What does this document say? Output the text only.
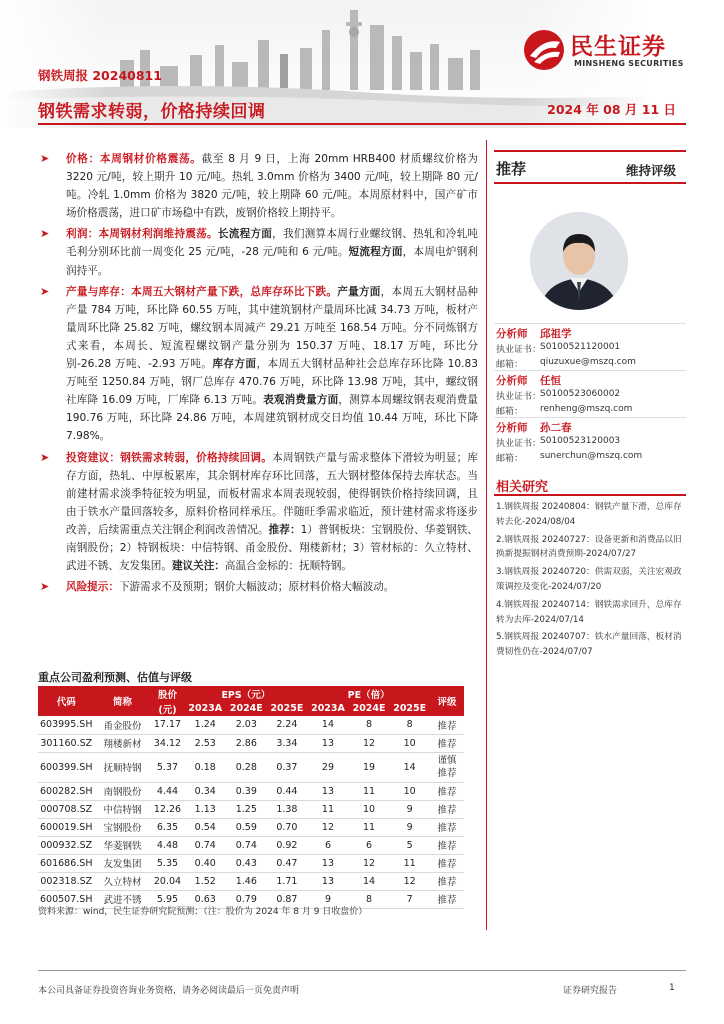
民生证券
MINSHENG SECURITIES
钢铁周报 20240811
钢铁需求转弱，价格持续回调	2024 年 08 月 11 日
➤ 价格：本周钢材价格震荡。截至 8 月 9 日，上海 20mm HRB400 材质螺纹价格为 3220 元/吨，较上期升 10 元/吨。热轧 3.0mm 价格为 3400 元/吨，较上期降 80 元/吨。冷轧 1.0mm 价格为 3820 元/吨，较上期降 60 元/吨。本周原材料中，国产矿市场价格震荡，进口矿市场稳中有跌，废钢价格较上期持平。
➤ 利润：本周钢材利润维持震荡。长流程方面，我们测算本周行业螺纹钢、热轧和冷轧吨毛利分别环比前一周变化 25 元/吨，-28 元/吨和 6 元/吨。短流程方面，本周电炉钢利润持平。
➤ 产量与库存：本周五大钢材产量下跌，总库存环比下跌。产量方面，本周五大钢材品种产量 784 万吨，环比降 60.55 万吨，其中建筑钢材产量周环比减 34.73 万吨，板材产量周环比降 25.82 万吨，螺纹钢本周减产 29.21 万吨至 168.54 万吨。分不同炼钢方式来看，本周长、短流程螺纹钢产量分别为 150.37 万吨、18.17 万吨，环比分别-26.28 万吨、-2.93 万吨。库存方面，本周五大钢材品种社会总库存环比降 10.83 万吨至 1250.84 万吨，钢厂总库存 470.76 万吨，环比降 13.98 万吨，其中，螺纹钢社库降 16.09 万吨，厂库降 6.13 万吨。表观消费量方面，测算本周螺纹钢表观消费量 190.76 万吨，环比降 24.86 万吨，本周建筑钢材成交日均值 10.44 万吨，环比下降 7.98%。
➤ 投资建议：钢铁需求转弱，价格持续回调。本周钢铁产量与需求整体下滑较为明显；库存方面，热轧、中厚板累库，其余钢材库存环比回落，五大钢材整体保持去库状态。当前建材需求淡季特征较为明显，而板材需求本周表现较弱，使得钢铁价格持续回调，且由于铁水产量回落较多，原料价格同样承压。伴随旺季需求临近，预计建材需求将逐步改善，后续需重点关注钢企利润改善情况。推荐：1）普钢板块：宝钢股份、华菱钢铁、南钢股份；2）特钢板块：中信特钢、甬金股份、翔楼新材；3）管材标的：久立特材、武进不锈、友发集团。建议关注：高温合金标的：抚顺特钢。
➤ 风险提示：下游需求不及预期；钢价大幅波动；原材料价格大幅波动。
重点公司盈利预测、估值与评级
代码	简称	股价	EPS（元）			PE（倍）			评级
		(元)	2023A	2024E	2025E	2023A	2024E	2025E	
603995.SH	甬金股份	17.17	1.24	2.03	2.24	14	8	8	推荐
301160.SZ	翔楼新材	34.12	2.53	2.86	3.34	13	12	10	推荐
600399.SH	抚顺特钢	5.37	0.18	0.28	0.37	29	19	14	谨慎
推荐
600282.SH	南钢股份	4.44	0.34	0.39	0.44	13	11	10	推荐
000708.SZ	中信特钢	12.26	1.13	1.25	1.38	11	10	9	推荐
600019.SH	宝钢股份	6.35	0.54	0.59	0.70	12	11	9	推荐
000932.SZ	华菱钢铁	4.48	0.74	0.74	0.92	6	6	5	推荐
601686.SH	友发集团	5.35	0.40	0.43	0.47	13	12	11	推荐
002318.SZ	久立特材	20.04	1.52	1.46	1.71	13	14	12	推荐
600507.SH	武进不锈	5.95	0.63	0.79	0.87	9	8	7	推荐
资料来源：wind，民生证券研究院预测；（注：股价为 2024 年 8 月 9 日收盘价）
推荐	维持评级
分析师 邱祖学
执业证书：
S0100521120001
邮箱： qiuzuxue@mszq.com
分析师 任恒
执业证书：
S0100523060002
邮箱： renheng@mszq.com
分析师 孙二春
执业证书：
S0100523120003
邮箱： sunerchun@mszq.com
相关研究
1.钢铁周报 20240804：钢铁产量下滑，总库存转去化-2024/08/04
2.钢铁周报 20240727：设备更新和消费品以旧换新提振钢材消费预期-2024/07/27
3.钢铁周报 20240720：供需双弱，关注宏观政策调控及变化-2024/07/20
4.钢铁周报 20240714：钢铁需求回升，总库存转为去库-2024/07/14
5.钢铁周报 20240707：铁水产量回落，板材消费韧性仍在-2024/07/07
本公司具备证券投资咨询业务资格，请务必阅读最后一页免责声明	证券研究报告	1
